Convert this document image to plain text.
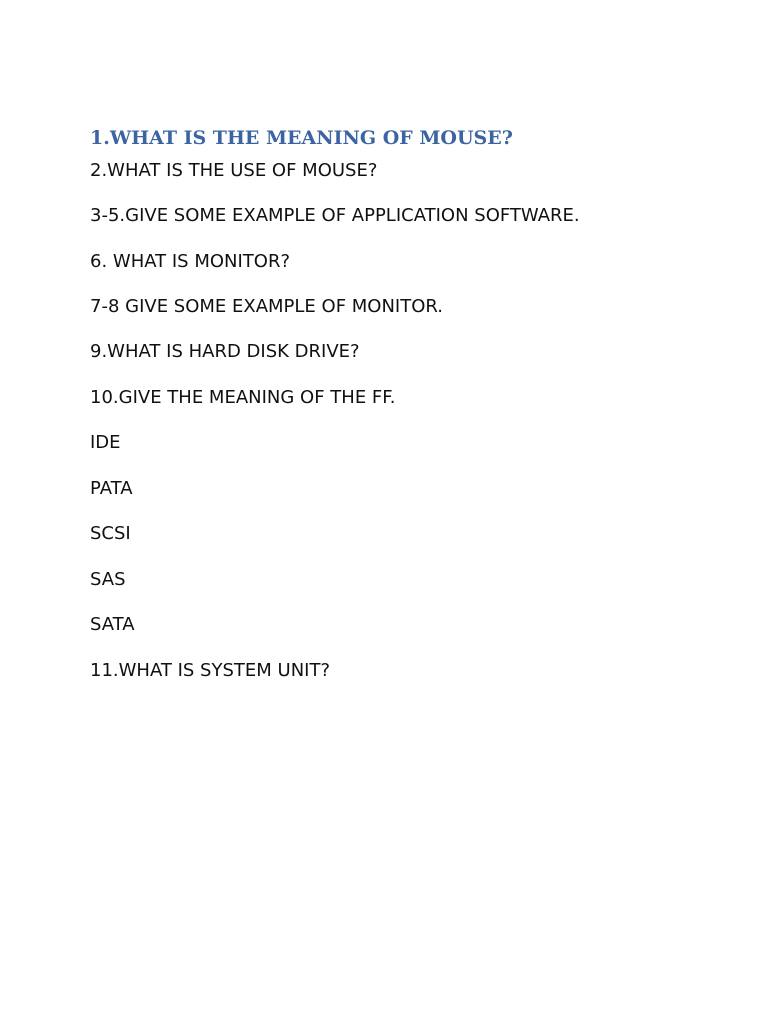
1.WHAT IS THE MEANING OF MOUSE?
2.WHAT IS THE USE OF MOUSE?
3-5.GIVE SOME EXAMPLE OF APPLICATION SOFTWARE.
6. WHAT IS MONITOR?
7-8 GIVE SOME EXAMPLE OF MONITOR.
9.WHAT IS HARD DISK DRIVE?
10.GIVE THE MEANING OF THE FF.
IDE
PATA
SCSI
SAS
SATA
11.WHAT IS SYSTEM UNIT?
